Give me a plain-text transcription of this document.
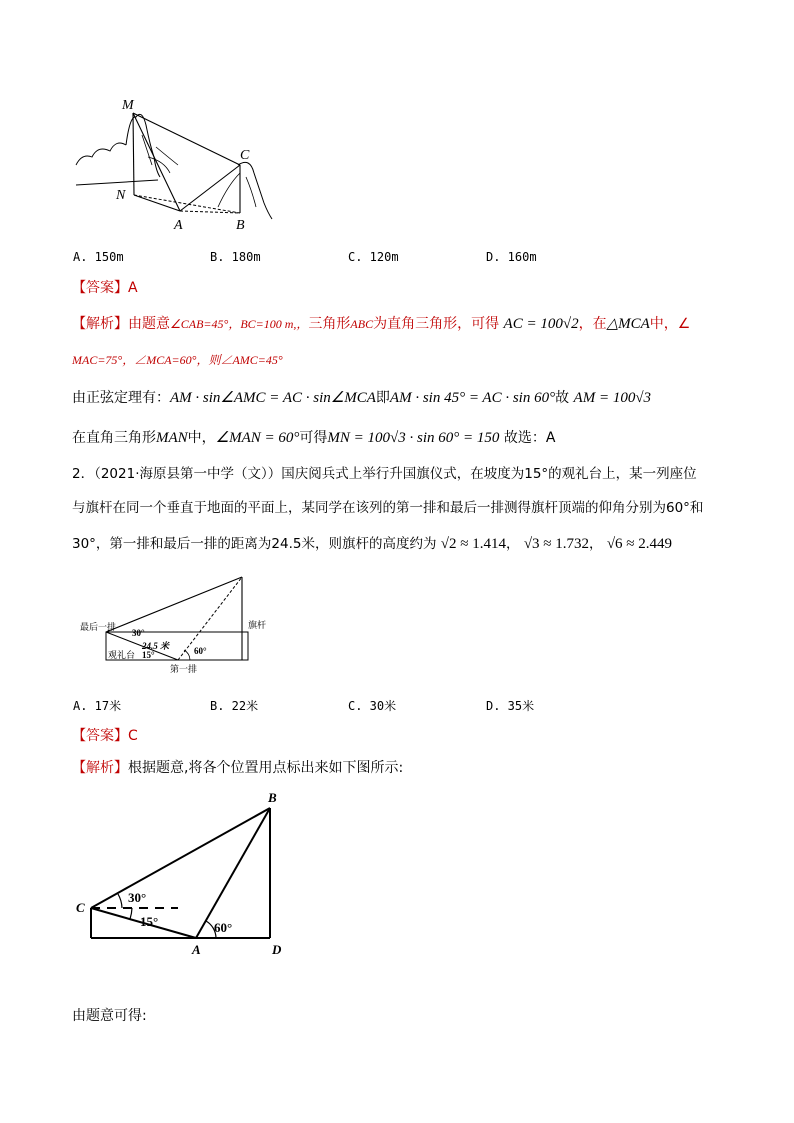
M
C
N
A	B
A. 150m	B. 180m	C. 120m	D. 160m
【答案】A
【解析】由题意∠CAB=45°，BC=100 m,，三角形ABC为直角三角形，可得 AC = 100√2，在△MCA中，∠
MAC=75°，∠MCA=60°，则∠AMC=45°
由正弦定理有：AM · sin∠AMC = AC · sin∠MCA即AM · sin 45° = AC · sin 60°故 AM = 100√3
在直角三角形MAN中，∠MAN = 60°可得MN = 100√3 · sin 60° = 150 故选：A
2．（2021·海原县第一中学（文））国庆阅兵式上举行升国旗仪式，在坡度为15°的观礼台上，某一列座位
与旗杆在同一个垂直于地面的平面上，某同学在该列的第一排和最后一排测得旗杆顶端的仰角分别为60°和
30°，第一排和最后一排的距离为24.5米，则旗杆的高度约为 √2 ≈ 1.414， √3 ≈ 1.732， √6 ≈ 2.449
最后一排
30°
24.5 米
观礼台 15°	60°
第一排
旗杆
A. 17米	B. 22米	C. 30米	D. 35米
【答案】C
【解析】根据题意,将各个位置用点标出来如下图所示:
B
C
A	D
30°
15°	60°
由题意可得:
